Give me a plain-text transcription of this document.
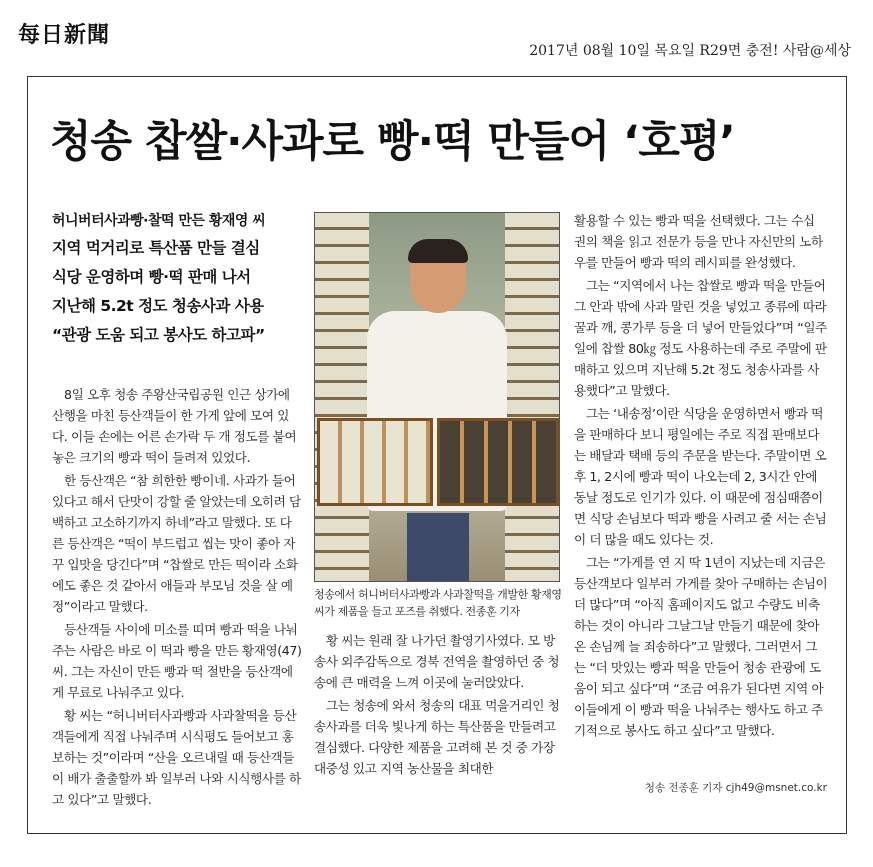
每日新聞
2017년 08월 10일 목요일 R29면 충전! 사람@세상
청송 찹쌀·사과로 빵·떡 만들어 ‘호평’
허니버터사과빵·찰떡 만든 황재영 씨
지역 먹거리로 특산품 만들 결심
식당 운영하며 빵·떡 판매 나서
지난해 5.2t 정도 청송사과 사용
“관광 도움 되고 봉사도 하고파”

8일 오후 청송 주왕산국립공원 인근 상가에 산행을 마친 등산객들이 한 가게 앞에 모여 있다. 이들 손에는 어른 손가락 두 개 정도를 붙여놓은 크기의 빵과 떡이 들려져 있었다.

한 등산객은 “참 희한한 빵이네. 사과가 들어 있다고 해서 단맛이 강할 줄 알았는데 오히려 담백하고 고소하기까지 하네”라고 말했다. 또 다른 등산객은 “떡이 부드럽고 씹는 맛이 좋아 자꾸 입맛을 당긴다”며 “찹쌀로 만든 떡이라 소화에도 좋은 것 같아서 애들과 부모님 것을 살 예정”이라고 말했다.

등산객들 사이에 미소를 띠며 빵과 떡을 나눠주는 사람은 바로 이 떡과 빵을 만든 황재영(47) 씨. 그는 자신이 만든 빵과 떡 절반을 등산객에게 무료로 나눠주고 있다.

황 씨는 “허니버터사과빵과 사과찰떡을 등산객들에게 직접 나눠주며 시식평도 들어보고 홍보하는 것”이라며 “산을 오르내릴 때 등산객들이 배가 출출할까 봐 일부러 나와 시식행사를 하고 있다”고 말했다.

청송에서 허니버터사과빵과 사과찰떡을 개발한 황재영 씨가 제품을 들고 포즈를 취했다. 전종훈 기자

황 씨는 원래 잘 나가던 촬영기사였다. 모 방송사 외주감독으로 경북 전역을 촬영하던 중 청송에 큰 매력을 느껴 이곳에 눌러앉았다.

그는 청송에 와서 청송의 대표 먹을거리인 청송사과를 더욱 빛나게 하는 특산품을 만들려고 결심했다. 다양한 제품을 고려해 본 것 중 가장 대중성 있고 지역 농산물을 최대한

활용할 수 있는 빵과 떡을 선택했다. 그는 수십 권의 책을 읽고 전문가 등을 만나 자신만의 노하우를 만들어 빵과 떡의 레시피를 완성했다.

그는 “지역에서 나는 찹쌀로 빵과 떡을 만들어 그 안과 밖에 사과 말린 것을 넣었고 종류에 따라 꿀과 깨, 콩가루 등을 더 넣어 만들었다”며 “일주일에 찹쌀 80㎏ 정도 사용하는데 주로 주말에 판매하고 있으며 지난해 5.2t 정도 청송사과를 사용했다”고 말했다.

그는 ‘내송정’이란 식당을 운영하면서 빵과 떡을 판매하다 보니 평일에는 주로 직접 판매보다는 배달과 택배 등의 주문을 받는다. 주말이면 오후 1, 2시에 빵과 떡이 나오는데 2, 3시간 안에 동날 정도로 인기가 있다. 이 때문에 점심때쯤이면 식당 손님보다 떡과 빵을 사려고 줄 서는 손님이 더 많을 때도 있다는 것.

그는 “가게를 연 지 딱 1년이 지났는데 지금은 등산객보다 일부러 가게를 찾아 구매하는 손님이 더 많다”며 “아직 홈페이지도 없고 수량도 비축하는 것이 아니라 그날그날 만들기 때문에 찾아온 손님께 늘 죄송하다”고 말했다. 그러면서 그는 “더 맛있는 빵과 떡을 만들어 청송 관광에 도움이 되고 싶다”며 “조금 여유가 된다면 지역 아이들에게 이 빵과 떡을 나눠주는 행사도 하고 주기적으로 봉사도 하고 싶다”고 말했다.

청송 전종훈 기자 cjh49@msnet.co.kr
